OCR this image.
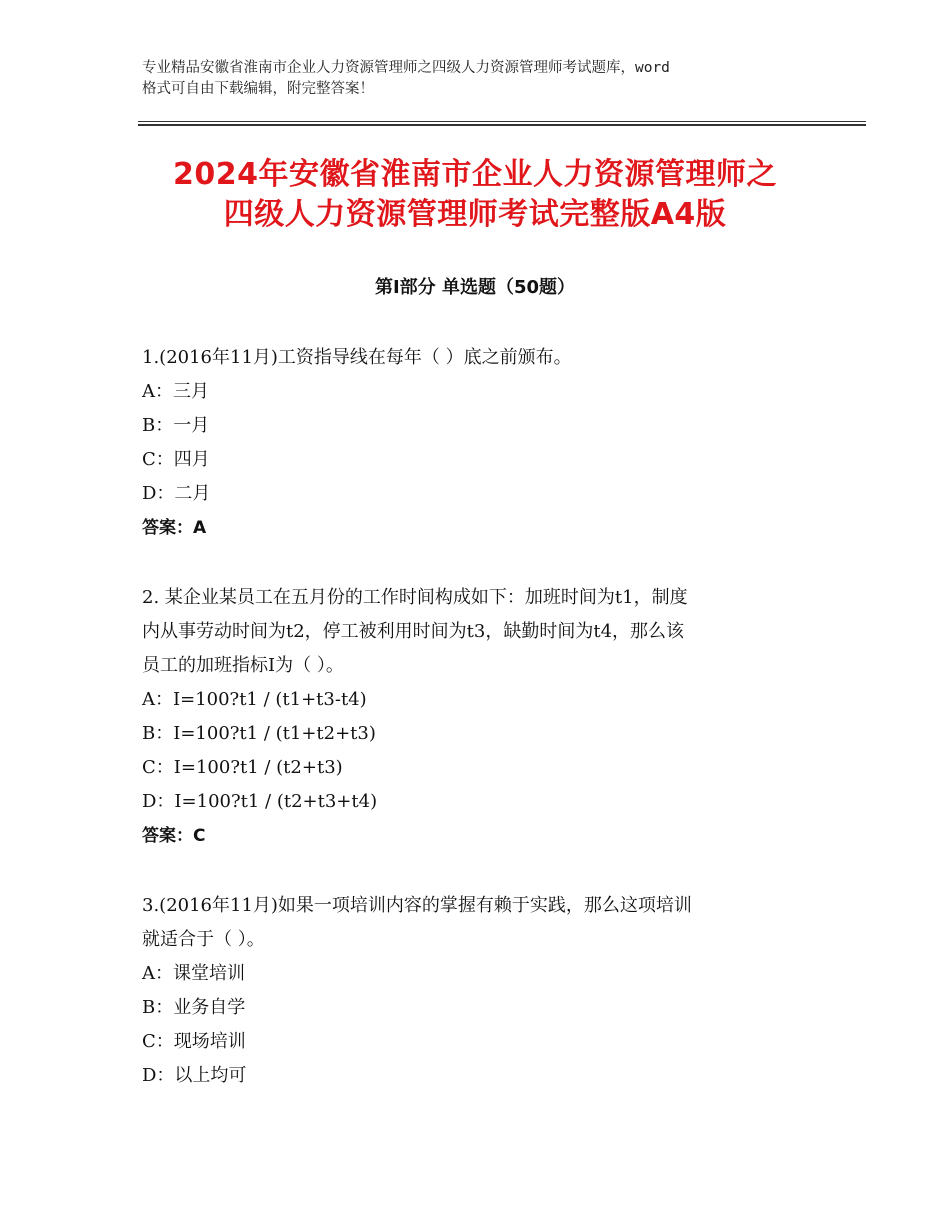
专业精品安徽省淮南市企业人力资源管理师之四级人力资源管理师考试题库，word
格式可自由下载编辑，附完整答案！
2024年安徽省淮南市企业人力资源管理师之
四级人力资源管理师考试完整版A4版
第Ⅰ部分 单选题（50题）

1.(2016年11月)工资指导线在每年（ ）底之前颁布。

A：三月

B：一月

C：四月

D：二月

答案：A

2. 某企业某员工在五月份的工作时间构成如下：加班时间为t1，制度

内从事劳动时间为t2，停工被利用时间为t3，缺勤时间为t4，那么该

员工的加班指标Ⅰ为（ ）。

A：I=100?t1 / (t1+t3-t4)

B：I=100?t1 / (t1+t2+t3)

C：I=100?t1 / (t2+t3)

D：I=100?t1 / (t2+t3+t4)

答案：C

3.(2016年11月)如果一项培训内容的掌握有赖于实践，那么这项培训

就适合于（ ）。

A：课堂培训

B：业务自学

C：现场培训

D：以上均可
